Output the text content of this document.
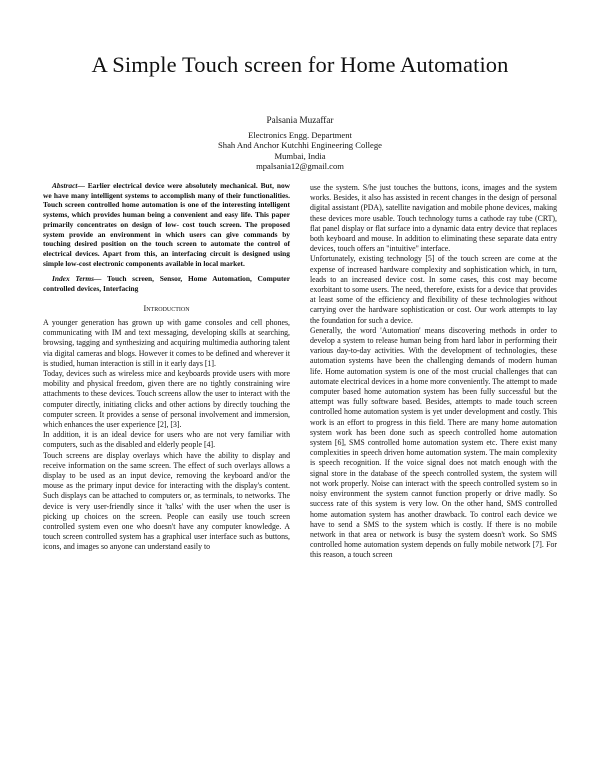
A Simple Touch screen for Home Automation
Palsania Muzaffar
Electronics Engg. Department
Shah And Anchor Kutchhi Engineering College
Mumbai, India
mpalsania12@gmail.com

Abstract— Earlier electrical device were absolutely mechanical. But, now we have many intelligent systems to accomplish many of their functionalities. Touch screen controlled home automation is one of the interesting intelligent systems, which provides human being a convenient and easy life. This paper primarily concentrates on design of low- cost touch screen. The proposed system provide an environment in which users can give commands by touching desired position on the touch screen to automate the control of electrical devices. Apart from this, an interfacing circuit is designed using simple low-cost electronic components available in local market.

Index Terms— Touch screen, Sensor, Home Automation, Computer controlled devices, Interfacing

Introduction

A younger generation has grown up with game consoles and cell phones, communicating with IM and text messaging, developing skills at searching, browsing, tagging and synthesizing and acquiring multimedia authoring talent via digital cameras and blogs. However it comes to be defined and wherever it is studied, human interaction is still in it early days [1].

Today, devices such as wireless mice and keyboards provide users with more mobility and physical freedom, given there are no tightly constraining wire attachments to these devices. Touch screens allow the user to interact with the computer directly, initiating clicks and other actions by directly touching the computer screen. It provides a sense of personal involvement and immersion, which enhances the user experience [2], [3].

In addition, it is an ideal device for users who are not very familiar with computers, such as the disabled and elderly people [4].

Touch screens are display overlays which have the ability to display and receive information on the same screen. The effect of such overlays allows a display to be used as an input device, removing the keyboard and/or the mouse as the primary input device for interacting with the display's content. Such displays can be attached to computers or, as terminals, to networks. The device is very user-friendly since it 'talks' with the user when the user is picking up choices on the screen. People can easily use touch screen controlled system even one who doesn't have any computer knowledge. A touch screen controlled system has a graphical user interface such as buttons, icons, and images so anyone can understand easily to

use the system. S/he just touches the buttons, icons, images and the system works. Besides, it also has assisted in recent changes in the design of personal digital assistant (PDA), satellite navigation and mobile phone devices, making these devices more usable. Touch technology turns a cathode ray tube (CRT), flat panel display or flat surface into a dynamic data entry device that replaces both keyboard and mouse. In addition to eliminating these separate data entry devices, touch offers an "intuitive" interface.

Unfortunately, existing technology [5] of the touch screen are come at the expense of increased hardware complexity and sophistication which, in turn, leads to an increased device cost. In some cases, this cost may become exorbitant to some users. The need, therefore, exists for a device that provides at least some of the efficiency and flexibility of these technologies without carrying over the hardware sophistication or cost. Our work attempts to lay the foundation for such a device.

Generally, the word 'Automation' means discovering methods in order to develop a system to release human being from hard labor in performing their various day-to-day activities. With the development of technologies, these automation systems have been the challenging demands of modern human life. Home automation system is one of the most crucial challenges that can automate electrical devices in a home more conveniently. The attempt to made computer based home automation system has been fully successful but the attempt was fully software based. Besides, attempts to made touch screen controlled home automation system is yet under development and costly. This work is an effort to progress in this field. There are many home automation system work has been done such as speech controlled home automation system [6], SMS controlled home automation system etc. There exist many complexities in speech driven home automation system. The main complexity is speech recognition. If the voice signal does not match enough with the signal store in the database of the speech controlled system, the system will not work properly. Noise can interact with the speech controlled system so in noisy environment the system cannot function properly or drive madly. So success rate of this system is very low. On the other hand, SMS controlled home automation system has another drawback. To control each device we have to send a SMS to the system which is costly. If there is no mobile network in that area or network is busy the system doesn't work. So SMS controlled home automation system depends on fully mobile network [7]. For this reason, a touch screen
